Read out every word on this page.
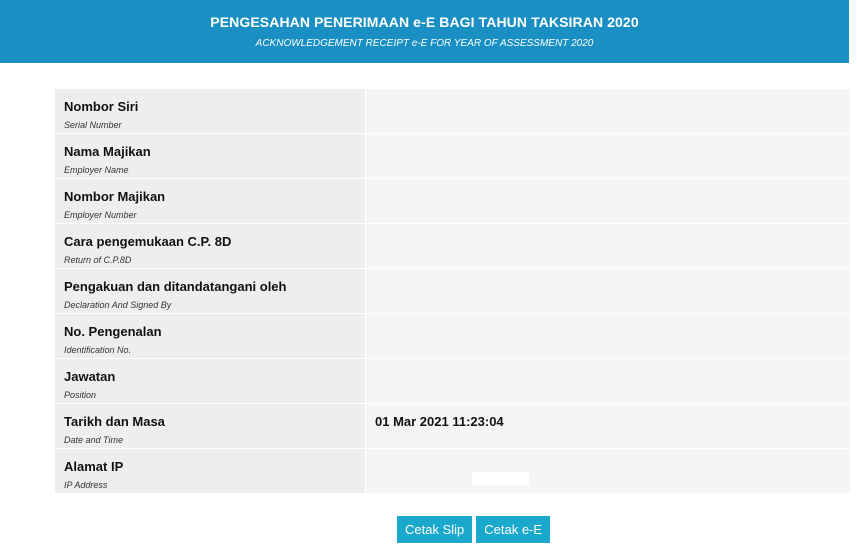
PENGESAHAN PENERIMAAN e-E BAGI TAHUN TAKSIRAN 2020
ACKNOWLEDGEMENT RECEIPT e-E FOR YEAR OF ASSESSMENT 2020
Nombor Siri
Serial Number
Nama Majikan
Employer Name
Nombor Majikan
Employer Number
Cara pengemukaan C.P. 8D
Return of C.P.8D
Pengakuan dan ditandatangani oleh
Declaration And Signed By
No. Pengenalan
Identification No.
Jawatan
Position
Tarikh dan Masa
Date and Time
01 Mar 2021 11:23:04
Alamat IP
IP Address
Cetak Slip	Cetak e-E
